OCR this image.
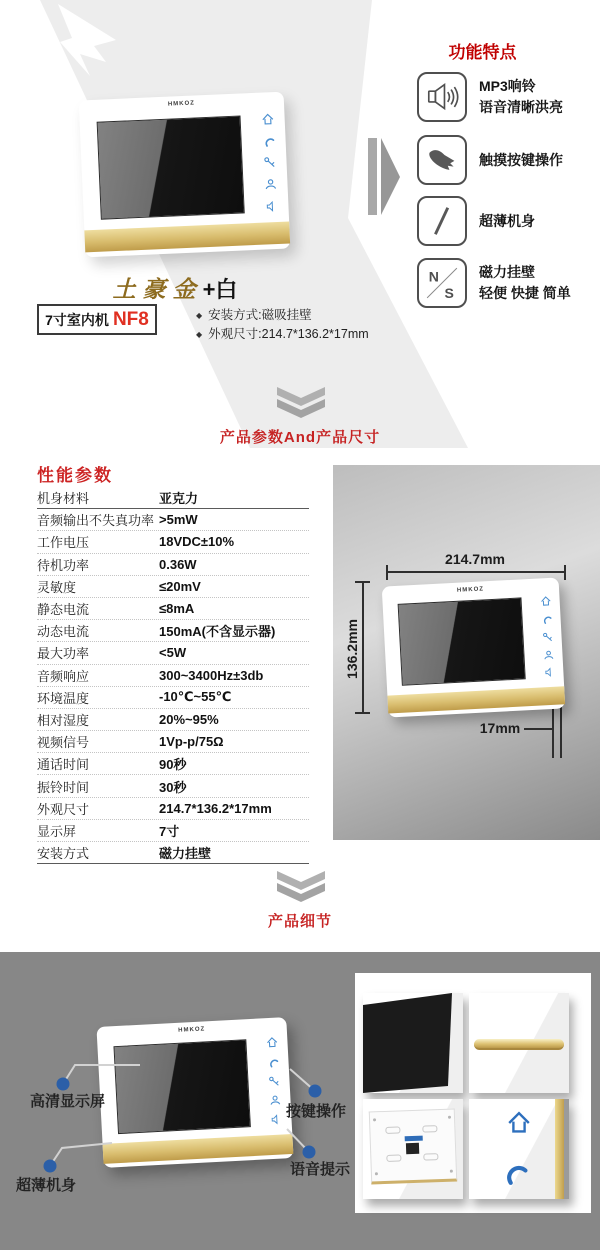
HMKOZ
土豪金+白
7寸室内机 NF8	◆ 安装方式:磁吸挂壁
◆ 外观尺寸:214.7*136.2*17mm
功能特点
MP3响铃
语音清晰洪亮
触摸按键操作
超薄机身
N
S
磁力挂壁
轻便 快捷 简单
产品参数And产品尺寸
性能参数
机身材料	亚克力
音频输出不失真功率 >5mW
工作电压	18VDC±10%
待机功率	0.36W
灵敏度	≤20mV
静态电流	≤8mA
动态电流	150mA(不含显示器)
最大功率	<5W
音频响应	300~3400Hz±3db
环境温度	-10℃~55℃
相对湿度	20%~95%
视频信号	1Vp-p/75Ω
通话时间	90秒
振铃时间	30秒
外观尺寸	214.7*136.2*17mm
显示屏	7寸
安装方式	磁力挂壁
HMKOZ
214.7mm
136.2mm
17mm
产品细节
HMKOZ
高清显示屏
超薄机身
按键操作
语音提示
